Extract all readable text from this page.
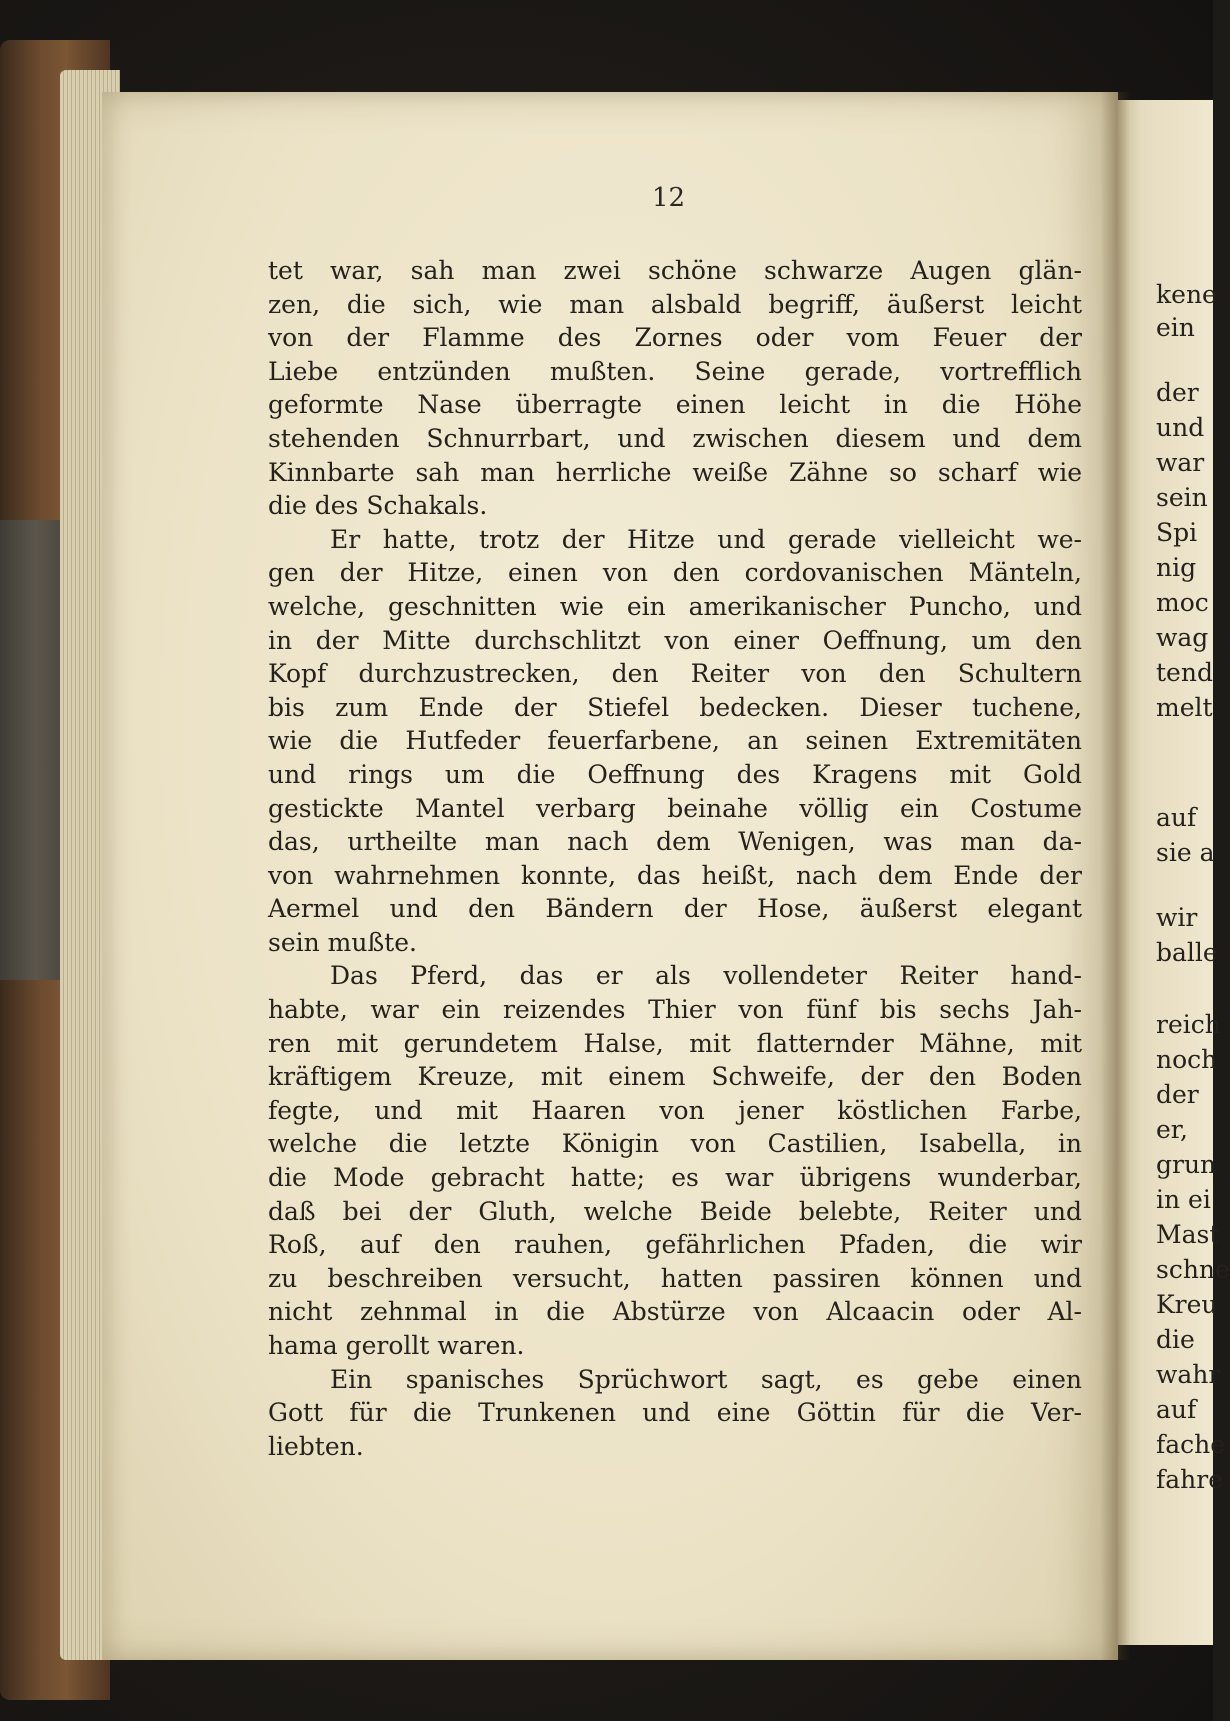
12
tet war, sah man zwei schöne schwarze Augen glän-
zen, die sich, wie man alsbald begriff, äußerst leicht
von der Flamme des Zornes oder vom Feuer der
Liebe entzünden mußten. Seine gerade, vortrefflich
geformte Nase überragte einen leicht in die Höhe
stehenden Schnurrbart, und zwischen diesem und dem
Kinnbarte sah man herrliche weiße Zähne so scharf wie
die des Schakals.
Er hatte, trotz der Hitze und gerade vielleicht we-
gen der Hitze, einen von den cordovanischen Mänteln,
welche, geschnitten wie ein amerikanischer Puncho, und
in der Mitte durchschlitzt von einer Oeffnung, um den
Kopf durchzustrecken, den Reiter von den Schultern
bis zum Ende der Stiefel bedecken. Dieser tuchene,
wie die Hutfeder feuerfarbene, an seinen Extremitäten
und rings um die Oeffnung des Kragens mit Gold
gestickte Mantel verbarg beinahe völlig ein Costume
das, urtheilte man nach dem Wenigen, was man da-
von wahrnehmen konnte, das heißt, nach dem Ende der
Aermel und den Bändern der Hose, äußerst elegant
sein mußte.
Das Pferd, das er als vollendeter Reiter hand-
habte, war ein reizendes Thier von fünf bis sechs Jah-
ren mit gerundetem Halse, mit flatternder Mähne, mit
kräftigem Kreuze, mit einem Schweife, der den Boden
fegte, und mit Haaren von jener köstlichen Farbe,
welche die letzte Königin von Castilien, Isabella, in
die Mode gebracht hatte; es war übrigens wunderbar,
daß bei der Gluth, welche Beide belebte, Reiter und
Roß, auf den rauhen, gefährlichen Pfaden, die wir
zu beschreiben versucht, hatten passiren können und
nicht zehnmal in die Abstürze von Alcaacin oder Al-
hama gerollt waren.
Ein spanisches Sprüchwort sagt, es gebe einen
Gott für die Trunkenen und eine Göttin für die Ver-
liebten.
kene
ein
der
und
war
sein
Spi
nig
moc
wag
tend
melt
auf
sie a
wir
balle
reich
noch
der
er,
grun
in ei
Mast
schne
Kreu
die
wahr
auf
fache
fahre
